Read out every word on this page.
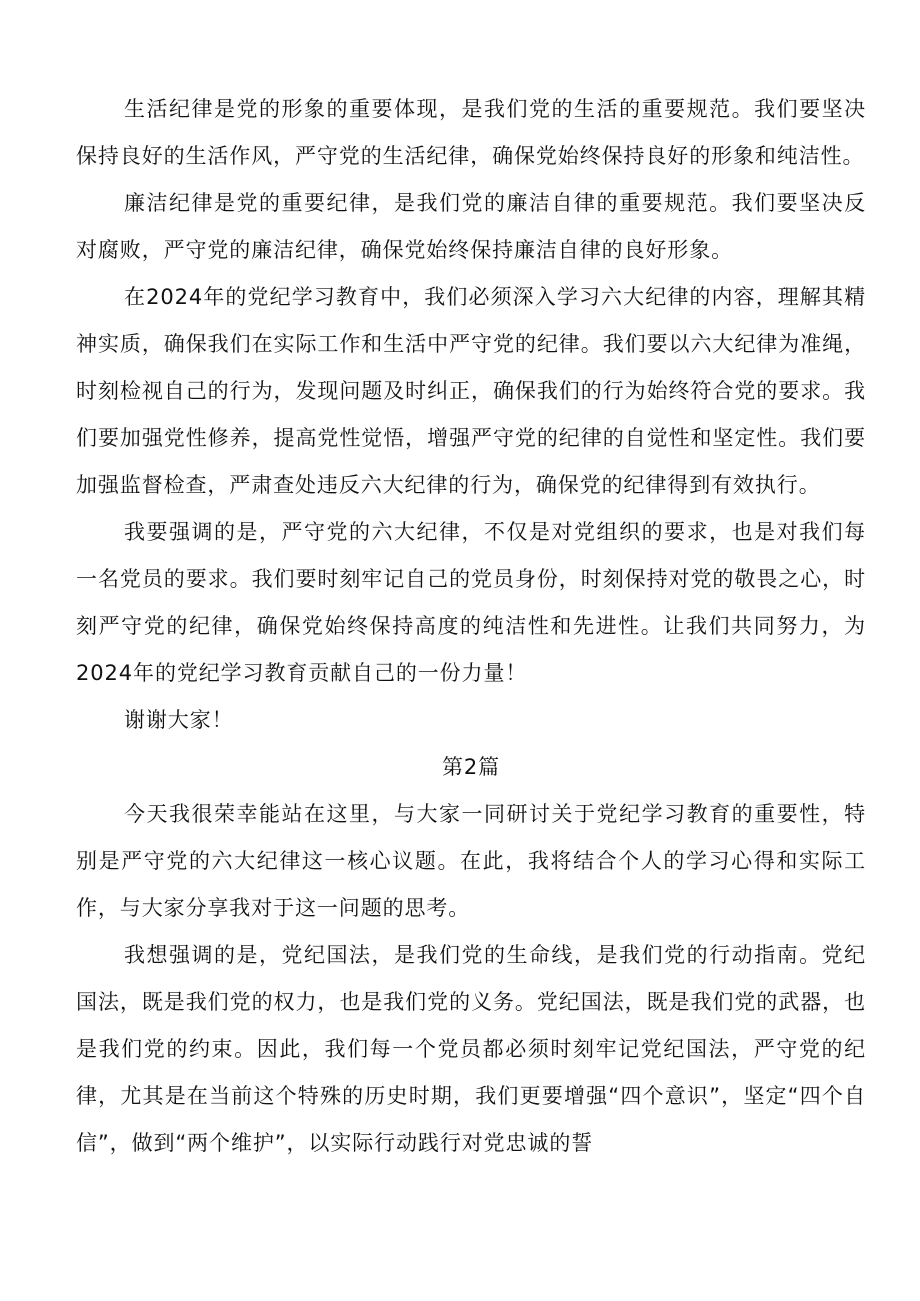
生活纪律是党的形象的重要体现，是我们党的生活的重要规范。我们要坚决保持良好的生活作风，严守党的生活纪律，确保党始终保持良好的形象和纯洁性。

廉洁纪律是党的重要纪律，是我们党的廉洁自律的重要规范。我们要坚决反对腐败，严守党的廉洁纪律，确保党始终保持廉洁自律的良好形象。

在2024年的党纪学习教育中，我们必须深入学习六大纪律的内容，理解其精神实质，确保我们在实际工作和生活中严守党的纪律。我们要以六大纪律为准绳，时刻检视自己的行为，发现问题及时纠正，确保我们的行为始终符合党的要求。我们要加强党性修养，提高党性觉悟，增强严守党的纪律的自觉性和坚定性。我们要加强监督检查，严肃查处违反六大纪律的行为，确保党的纪律得到有效执行。

我要强调的是，严守党的六大纪律，不仅是对党组织的要求，也是对我们每一名党员的要求。我们要时刻牢记自己的党员身份，时刻保持对党的敬畏之心，时刻严守党的纪律，确保党始终保持高度的纯洁性和先进性。让我们共同努力，为2024年的党纪学习教育贡献自己的一份力量！

谢谢大家！

第2篇

今天我很荣幸能站在这里，与大家一同研讨关于党纪学习教育的重要性，特别是严守党的六大纪律这一核心议题。在此，我将结合个人的学习心得和实际工作，与大家分享我对于这一问题的思考。

我想强调的是，党纪国法，是我们党的生命线，是我们党的行动指南。党纪国法，既是我们党的权力，也是我们党的义务。党纪国法，既是我们党的武器，也是我们党的约束。因此，我们每一个党员都必须时刻牢记党纪国法，严守党的纪律，尤其是在当前这个特殊的历史时期，我们更要增强“四个意识”，坚定“四个自信”，做到“两个维护”，以实际行动践行对党忠诚的誓
